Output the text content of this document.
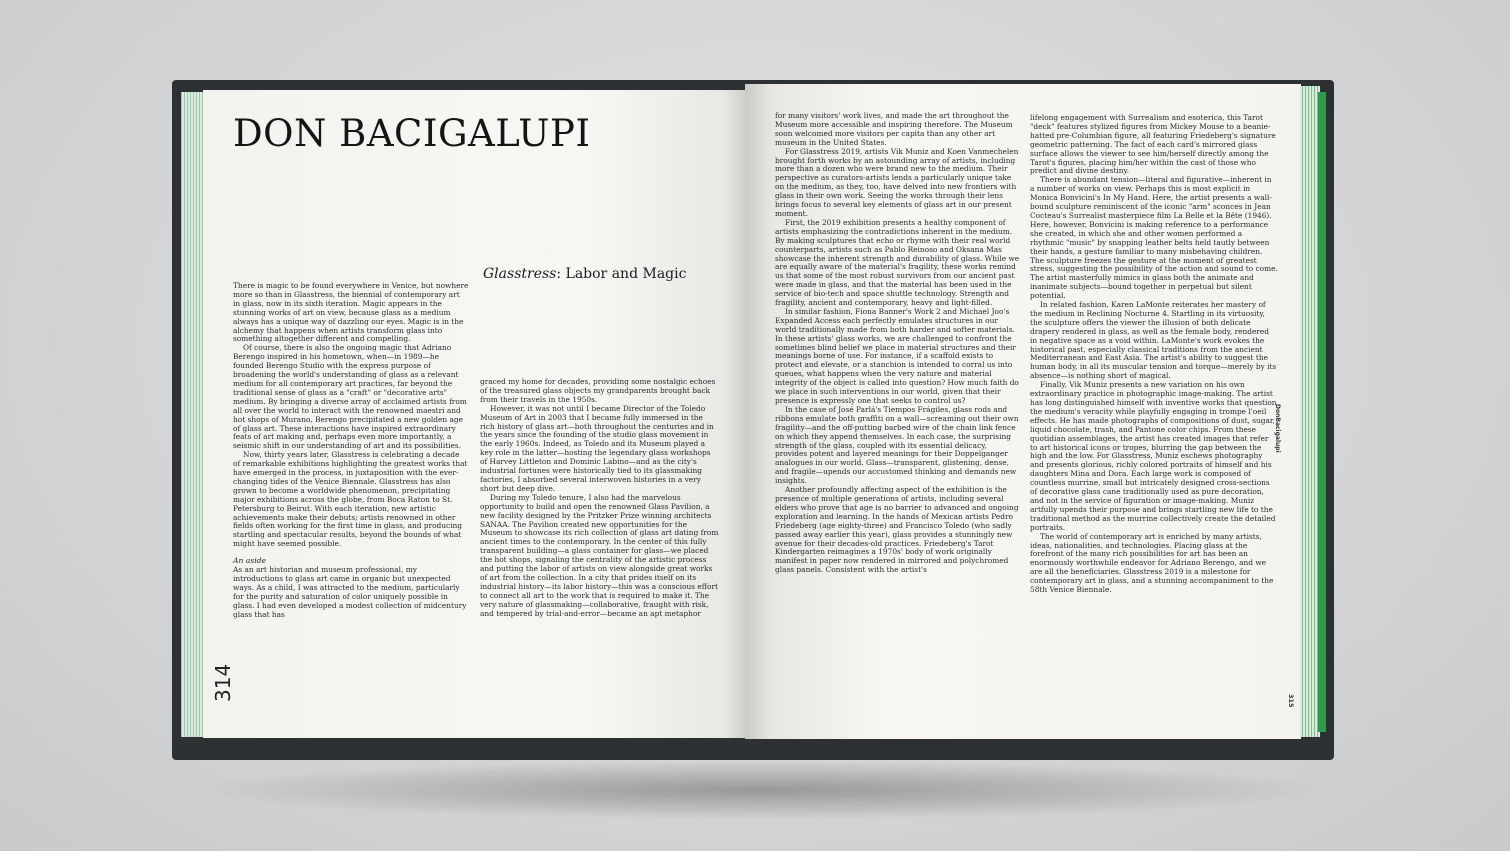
DON BACIGALUPI
Glasstress: Labor and Magic

There is magic to be found everywhere in Venice, but nowhere more so than in Glasstress, the biennial of contemporary art in glass, now in its sixth iteration. Magic appears in the stunning works of art on view, because glass as a medium always has a unique way of dazzling our eyes. Magic is in the alchemy that happens when artists transform glass into something altogether different and compelling.

Of course, there is also the ongoing magic that Adriano Berengo inspired in his hometown, when—in 1989—he founded Berengo Studio with the express purpose of broadening the world's understanding of glass as a relevant medium for all contemporary art practices, far beyond the traditional sense of glass as a "craft" or "decorative arts" medium. By bringing a diverse array of acclaimed artists from all over the world to interact with the renowned maestri and hot shops of Murano, Berengo precipitated a new golden age of glass art. These interactions have inspired extraordinary feats of art making and, perhaps even more importantly, a seismic shift in our understanding of art and its possibilities.

Now, thirty years later, Glasstress is celebrating a decade of remarkable exhibitions highlighting the greatest works that have emerged in the process, in juxtaposition with the ever-changing tides of the Venice Biennale. Glasstress has also grown to become a worldwide phenomenon, precipitating major exhibitions across the globe, from Boca Raton to St. Petersburg to Beirut. With each iteration, new artistic achievements make their debuts; artists renowned in other fields often working for the first time in glass, and producing startling and spectacular results, beyond the bounds of what might have seemed possible.

An aside

As an art historian and museum professional, my introductions to glass art came in organic but unexpected ways. As a child, I was attracted to the medium, particularly for the purity and saturation of color uniquely possible in glass. I had even developed a modest collection of midcentury glass that has

graced my home for decades, providing some nostalgic echoes of the treasured glass objects my grandparents brought back from their travels in the 1950s.

However, it was not until I became Director of the Toledo Museum of Art in 2003 that I became fully immersed in the rich history of glass art—both throughout the centuries and in the years since the founding of the studio glass movement in the early 1960s. Indeed, as Toledo and its Museum played a key role in the latter—hosting the legendary glass workshops of Harvey Littleton and Dominic Labino—and as the city's industrial fortunes were historically tied to its glassmaking factories, I absorbed several interwoven histories in a very short but deep dive.

During my Toledo tenure, I also had the marvelous opportunity to build and open the renowned Glass Pavilion, a new facility designed by the Pritzker Prize winning architects SANAA. The Pavilion created new opportunities for the Museum to showcase its rich collection of glass art dating from ancient times to the contemporary. In the center of this fully transparent building—a glass container for glass—we placed the hot shops, signaling the centrality of the artistic process and putting the labor of artists on view alongside great works of art from the collection. In a city that prides itself on its industrial history—its labor history—this was a conscious effort to connect all art to the work that is required to make it. The very nature of glassmaking—collaborative, fraught with risk, and tempered by trial-and-error—became an apt metaphor

314

for many visitors' work lives, and made the art throughout the Museum more accessible and inspiring therefore. The Museum soon welcomed more visitors per capita than any other art museum in the United States.

For Glasstress 2019, artists Vik Muniz and Koen Vanmechelen brought forth works by an astounding array of artists, including more than a dozen who were brand new to the medium. Their perspective as curators-artists lends a particularly unique take on the medium, as they, too, have delved into new frontiers with glass in their own work. Seeing the works through their lens brings focus to several key elements of glass art in our present moment.

First, the 2019 exhibition presents a healthy component of artists emphasizing the contradictions inherent in the medium. By making sculptures that echo or rhyme with their real world counterparts, artists such as Pablo Reinoso and Oksana Mas showcase the inherent strength and durability of glass. While we are equally aware of the material's fragility, these works remind us that some of the most robust survivors from our ancient past were made in glass, and that the material has been used in the service of bio-tech and space shuttle technology. Strength and fragility, ancient and contemporary, heavy and light-filled.

In similar fashion, Fiona Banner's Work 2 and Michael Joo's Expanded Access each perfectly emulates structures in our world traditionally made from both harder and softer materials. In these artists' glass works, we are challenged to confront the sometimes blind belief we place in material structures and their meanings borne of use. For instance, if a scaffold exists to protect and elevate, or a stanchion is intended to corral us into queues, what happens when the very nature and material integrity of the object is called into question? How much faith do we place in such interventions in our world, given that their presence is expressly one that seeks to control us?

In the case of José Parlá's Tiempos Frágiles, glass rods and ribbons emulate both graffiti on a wall—screaming out their own fragility—and the off-putting barbed wire of the chain link fence on which they append themselves. In each case, the surprising strength of the glass, coupled with its essential delicacy, provides potent and layered meanings for their Doppelganger analogues in our world. Glass—transparent, glistening, dense, and fragile—upends our accustomed thinking and demands new insights.

Another profoundly affecting aspect of the exhibition is the presence of multiple generations of artists, including several elders who prove that age is no barrier to advanced and ongoing exploration and learning. In the hands of Mexican artists Pedro Friedeberg (age eighty-three) and Francisco Toledo (who sadly passed away earlier this year), glass provides a stunningly new avenue for their decades-old practices. Friedeberg's Tarot Kindergarten reimagines a 1970s' body of work originally manifest in paper now rendered in mirrored and polychromed glass panels. Consistent with the artist's

lifelong engagement with Surrealism and esoterica, this Tarot "deck" features stylized figures from Mickey Mouse to a beanie-hatted pre-Columbian figure, all featuring Friedeberg's signature geometric patterning. The fact of each card's mirrored glass surface allows the viewer to see him/herself directly among the Tarot's figures, placing him/her within the cast of those who predict and divine destiny.

There is abundant tension—literal and figurative—inherent in a number of works on view. Perhaps this is most explicit in Monica Bonvicini's In My Hand. Here, the artist presents a wall-bound sculpture reminiscent of the iconic "arm" sconces in Jean Cocteau's Surrealist masterpiece film La Belle et la Bête (1946). Here, however, Bonvicini is making reference to a performance she created, in which she and other women performed a rhythmic "music" by snapping leather belts held tautly between their hands, a gesture familiar to many misbehaving children. The sculpture freezes the gesture at the moment of greatest stress, suggesting the possibility of the action and sound to come. The artist masterfully mimics in glass both the animate and inanimate subjects—bound together in perpetual but silent potential.

In related fashion, Karen LaMonte reiterates her mastery of the medium in Reclining Nocturne 4. Startling in its virtuosity, the sculpture offers the viewer the illusion of both delicate drapery rendered in glass, as well as the female body, rendered in negative space as a void within. LaMonte's work evokes the historical past, especially classical traditions from the ancient Mediterranean and East Asia. The artist's ability to suggest the human body, in all its muscular tension and torque—merely by its absence—is nothing short of magical.

Finally, Vik Muniz presents a new variation on his own extraordinary practice in photographic image-making. The artist has long distinguished himself with inventive works that question the medium's veracity while playfully engaging in trompe l'oeil effects. He has made photographs of compositions of dust, sugar, liquid chocolate, trash, and Pantone color chips. From these quotidian assemblages, the artist has created images that refer to art historical icons or tropes, blurring the gap between the high and the low. For Glasstress, Muniz eschews photography and presents glorious, richly colored portraits of himself and his daughters Mina and Dora. Each large work is composed of countless murrine, small but intricately designed cross-sections of decorative glass cane traditionally used as pure decoration, and not in the service of figuration or image-making. Muniz artfully upends their purpose and brings startling new life to the traditional method as the murrine collectively create the detailed portraits.

The world of contemporary art is enriched by many artists, ideas, nationalities, and technologies. Placing glass at the forefront of the many rich possibilities for art has been an enormously worthwhile endeavor for Adriano Berengo, and we are all the beneficiaries. Glasstress 2019 is a milestone for contemporary art in glass, and a stunning accompaniment to the 58th Venice Biennale.

DonBacigalupi
315
